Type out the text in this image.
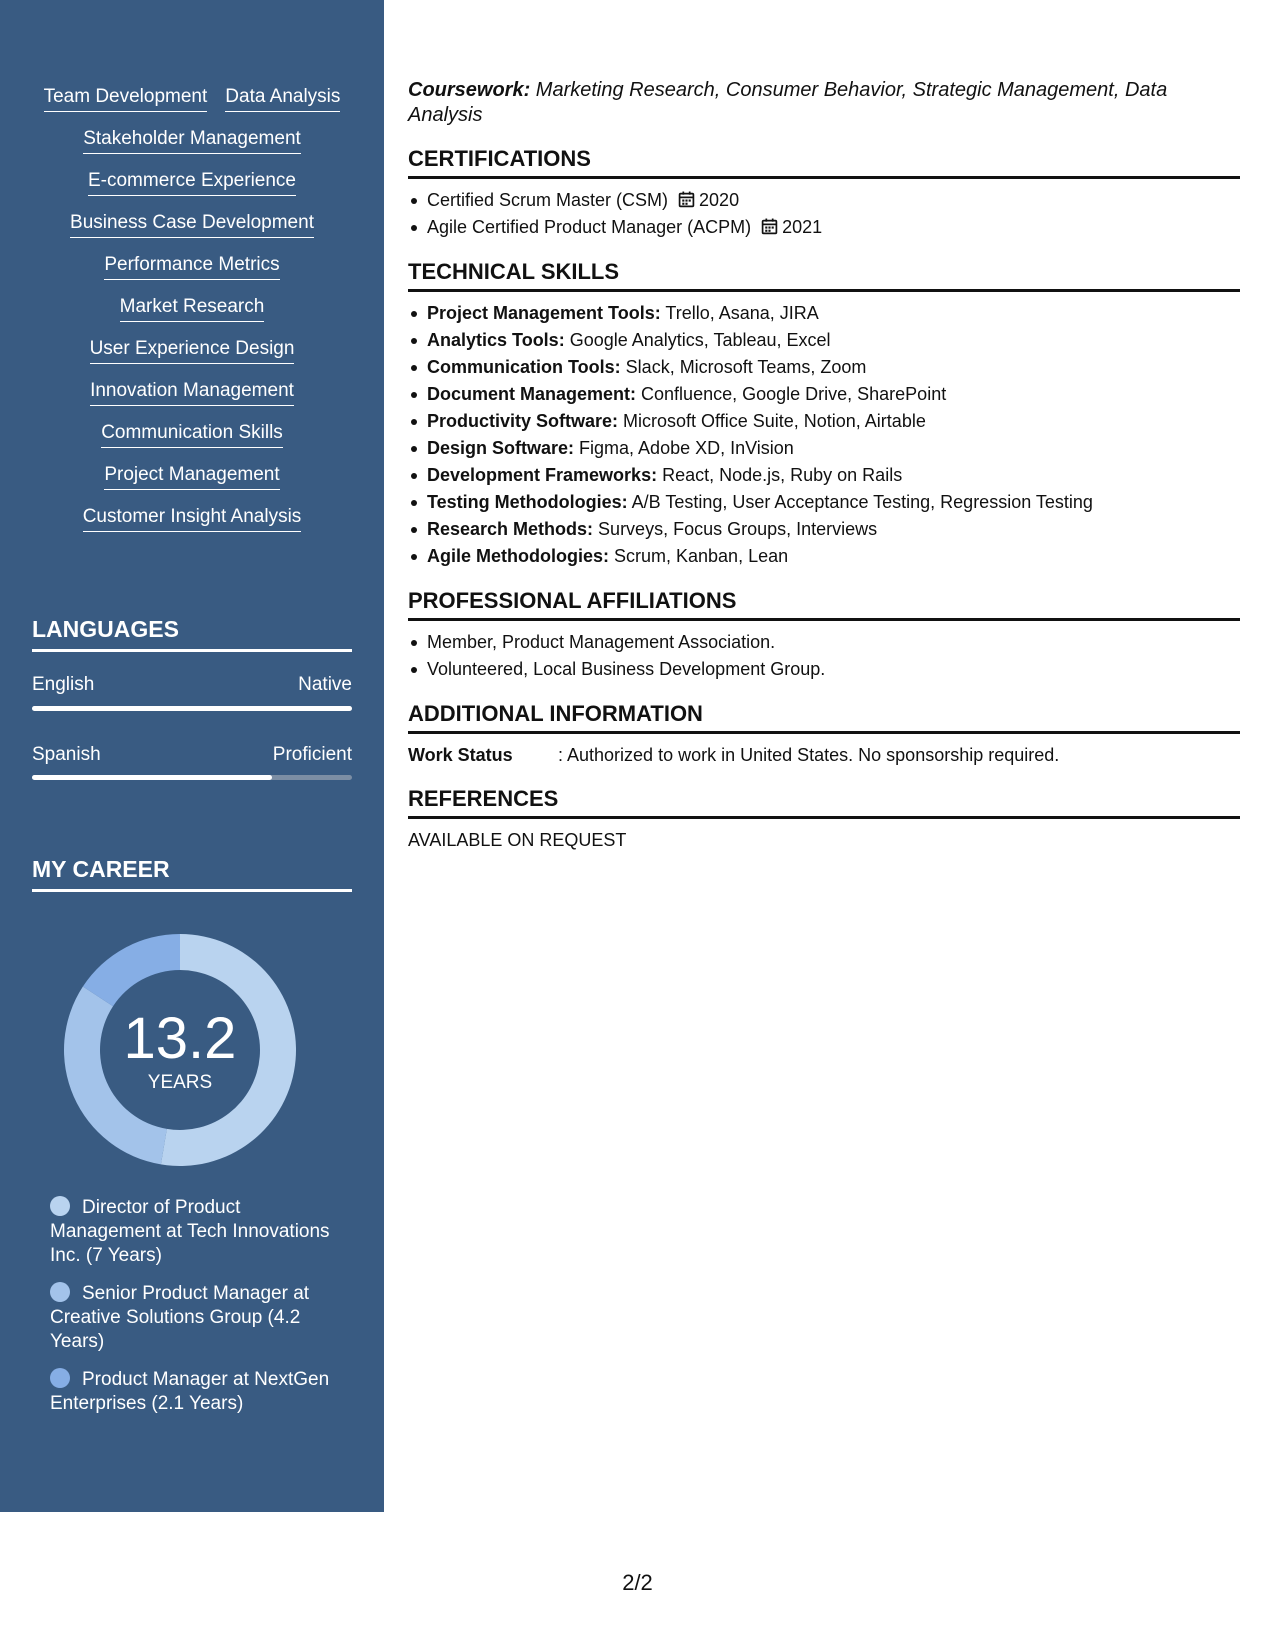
Team Development Data Analysis
Stakeholder Management
E-commerce Experience
Business Case Development
Performance Metrics
Market Research
User Experience Design
Innovation Management
Communication Skills
Project Management
Customer Insight Analysis
LANGUAGES
English	Native
Spanish	Proficient
MY CAREER
13.2
YEARS
Director of Product Management at Tech Innovations Inc. (7 Years)
Senior Product Manager at Creative Solutions Group (4.2 Years)
Product Manager at NextGen Enterprises (2.1 Years)
Coursework: Marketing Research, Consumer Behavior, Strategic Management, Data Analysis
CERTIFICATIONS
Certified Scrum Master (CSM) 2020
Agile Certified Product Manager (ACPM) 2021
TECHNICAL SKILLS
Project Management Tools: Trello, Asana, JIRA
Analytics Tools: Google Analytics, Tableau, Excel
Communication Tools: Slack, Microsoft Teams, Zoom
Document Management: Confluence, Google Drive, SharePoint
Productivity Software: Microsoft Office Suite, Notion, Airtable
Design Software: Figma, Adobe XD, InVision
Development Frameworks: React, Node.js, Ruby on Rails
Testing Methodologies: A/B Testing, User Acceptance Testing, Regression Testing
Research Methods: Surveys, Focus Groups, Interviews
Agile Methodologies: Scrum, Kanban, Lean
PROFESSIONAL AFFILIATIONS
Member, Product Management Association.
Volunteered, Local Business Development Group.
ADDITIONAL INFORMATION
Work Status	: Authorized to work in United States. No sponsorship required.
REFERENCES
AVAILABLE ON REQUEST
2/2
